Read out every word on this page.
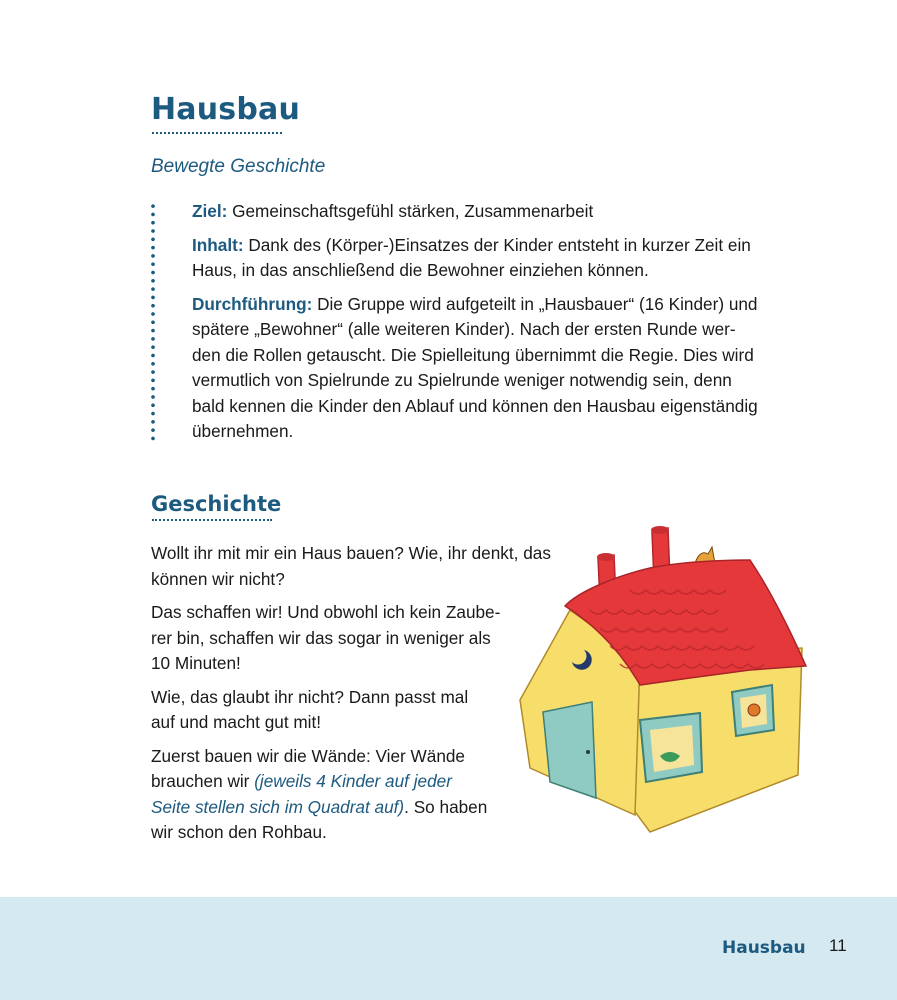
Hausbau
Bewegte Geschichte

Ziel: Gemeinschaftsgefühl stärken, Zusammenarbeit

Inhalt: Dank des (Körper-)Einsatzes der Kinder entsteht in kurzer Zeit ein
Haus, in das anschließend die Bewohner einziehen können.

Durchführung: Die Gruppe wird aufgeteilt in „Hausbauer“ (16 Kinder) und
spätere „Bewohner“ (alle weiteren Kinder). Nach der ersten Runde wer-
den die Rollen getauscht. Die Spielleitung übernimmt die Regie. Dies wird
vermutlich von Spielrunde zu Spielrunde weniger notwendig sein, denn
bald kennen die Kinder den Ablauf und können den Hausbau eigenständig
übernehmen.

Geschichte

Wollt ihr mit mir ein Haus bauen? Wie, ihr denkt, das
können wir nicht?

Das schaffen wir! Und obwohl ich kein Zaube-
rer bin, schaffen wir das sogar in weniger als
10 Minuten!

Wie, das glaubt ihr nicht? Dann passt mal
auf und macht gut mit!

Zuerst bauen wir die Wände: Vier Wände
brauchen wir (jeweils 4 Kinder auf jeder
Seite stellen sich im Quadrat auf). So haben
wir schon den Rohbau.

Hausbau 11
